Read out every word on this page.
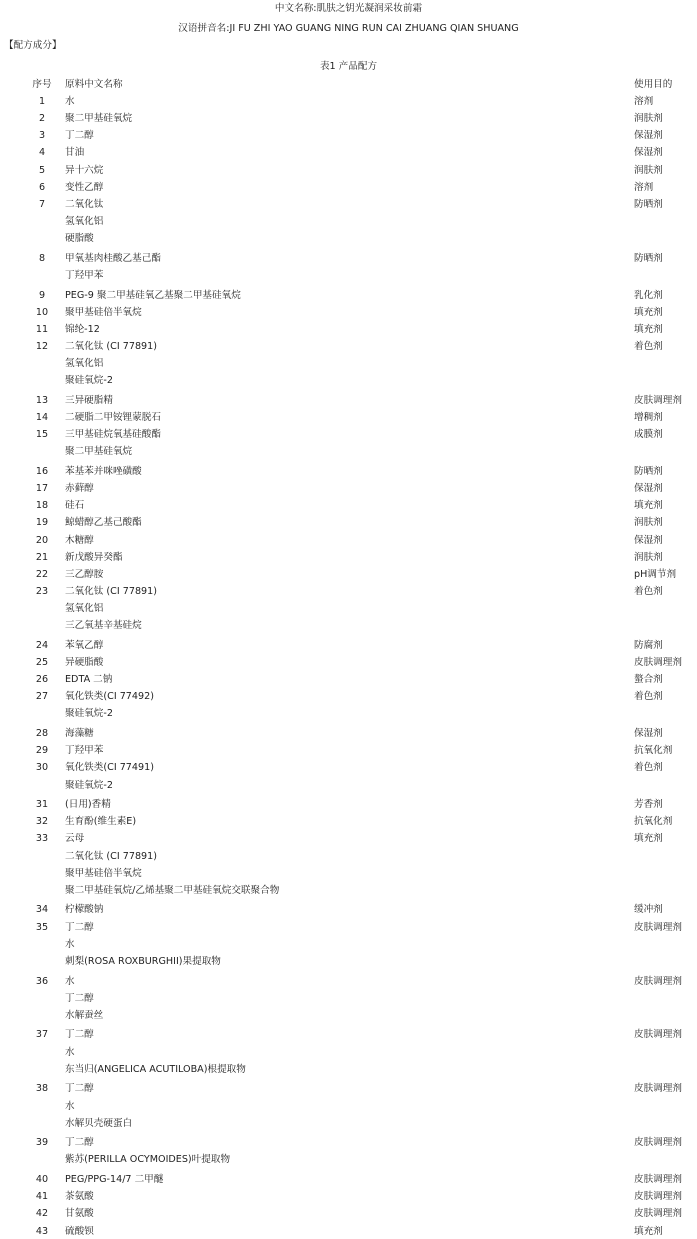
中文名称:肌肤之钥光凝润采妆前霜
汉语拼音名:JI FU ZHI YAO GUANG NING RUN CAI ZHUANG QIAN SHUANG
【配方成分】
表1 产品配方
序号	原料中文名称	使用目的
1	水	溶剂
2	聚二甲基硅氧烷	润肤剂
3	丁二醇	保湿剂
4	甘油	保湿剂
5	异十六烷	润肤剂
6	变性乙醇	溶剂
7	二氧化钛	防晒剂
氢氧化铝
硬脂酸
8	甲氧基肉桂酸乙基己酯	防晒剂
丁羟甲苯
9	PEG-9 聚二甲基硅氧乙基聚二甲基硅氧烷	乳化剂
10	聚甲基硅倍半氧烷	填充剂
11	锦纶-12	填充剂
12	二氧化钛 (CI 77891)	着色剂
氢氧化铝
聚硅氧烷-2
13	三异硬脂精	皮肤调理剂
14	二硬脂二甲铵锂蒙脱石	增稠剂
15	三甲基硅烷氧基硅酸酯	成膜剂
聚二甲基硅氧烷
16	苯基苯并咪唑磺酸	防晒剂
17	赤藓醇	保湿剂
18	硅石	填充剂
19	鲸蜡醇乙基己酸酯	润肤剂
20	木糖醇	保湿剂
21	新戊酸异癸酯	润肤剂
22	三乙醇胺	pH调节剂
23	二氧化钛 (CI 77891)	着色剂
氢氧化铝
三乙氧基辛基硅烷
24	苯氧乙醇	防腐剂
25	异硬脂酸	皮肤调理剂
26	EDTA 二钠	螯合剂
27	氧化铁类(CI 77492)	着色剂
聚硅氧烷-2
28	海藻糖	保湿剂
29	丁羟甲苯	抗氧化剂
30	氧化铁类(CI 77491)	着色剂
聚硅氧烷-2
31	(日用)香精	芳香剂
32	生育酚(维生素E)	抗氧化剂
33	云母	填充剂
二氧化钛 (CI 77891)
聚甲基硅倍半氧烷
聚二甲基硅氧烷/乙烯基聚二甲基硅氧烷交联聚合物
34	柠檬酸钠	缓冲剂
35	丁二醇	皮肤调理剂
水
刺梨(ROSA ROXBURGHII)果提取物
36	水	皮肤调理剂
丁二醇
水解蚕丝
37	丁二醇	皮肤调理剂
水
东当归(ANGELICA ACUTILOBA)根提取物
38	丁二醇	皮肤调理剂
水
水解贝壳硬蛋白
39	丁二醇	皮肤调理剂
紫苏(PERILLA OCYMOIDES)叶提取物
40	PEG/PPG-14/7 二甲醚	皮肤调理剂
41	茶氨酸	皮肤调理剂
42	甘氨酸	皮肤调理剂
43	硫酸钡	填充剂
